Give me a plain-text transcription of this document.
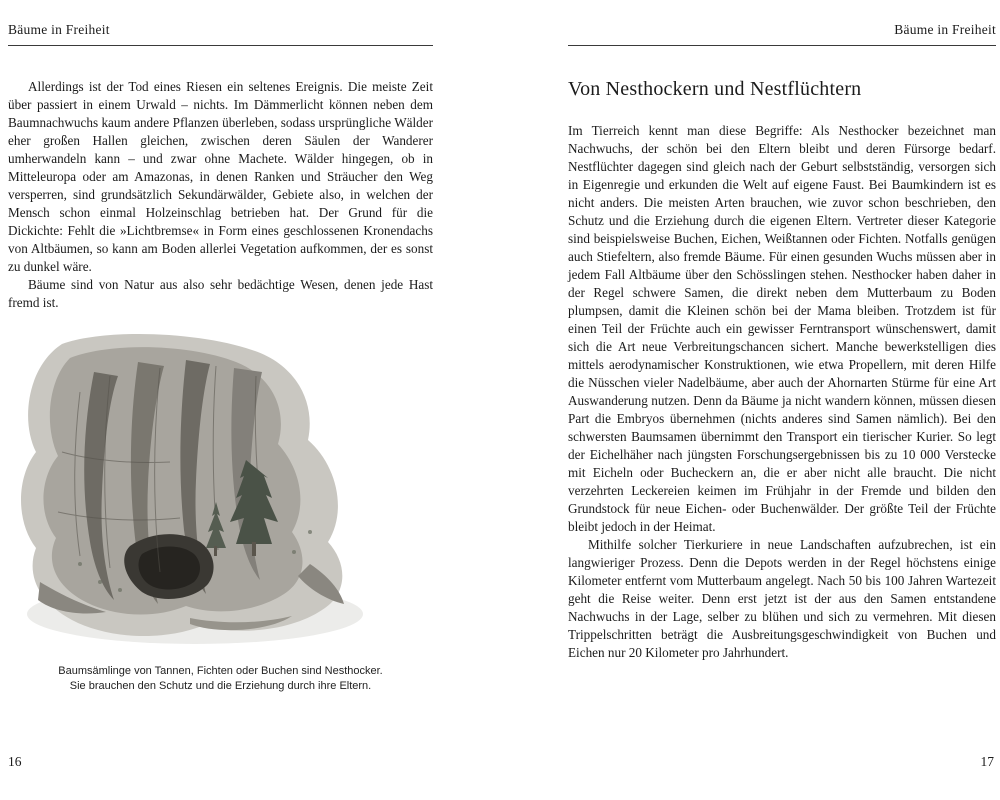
Bäume in Freiheit

Allerdings ist der Tod eines Riesen ein seltenes Ereignis. Die meiste Zeit über passiert in einem Urwald – nichts. Im Dämmerlicht können neben dem Baumnachwuchs kaum andere Pflanzen überleben, sodass ursprüngliche Wälder eher großen Hallen gleichen, zwischen deren Säulen der Wanderer umherwandeln kann – und zwar ohne Machete. Wälder hingegen, ob in Mitteleuropa oder am Amazonas, in denen Ranken und Sträucher den Weg versperren, sind grundsätzlich Sekundärwälder, Gebiete also, in welchen der Mensch schon einmal Holzeinschlag betrieben hat. Der Grund für die Dickichte: Fehlt die »Lichtbremse« in Form eines geschlossenen Kronendachs von Altbäumen, so kann am Boden allerlei Vegetation aufkommen, der es sonst zu dunkel wäre.

Bäume sind von Natur aus also sehr bedächtige Wesen, denen jede Hast fremd ist.

Baumsämlinge von Tannen, Fichten oder Buchen sind Nesthocker.
Sie brauchen den Schutz und die Erziehung durch ihre Eltern.
16
Bäume in Freiheit
Von Nesthockern und Nestflüchtern

Im Tierreich kennt man diese Begriffe: Als Nesthocker bezeichnet man Nachwuchs, der schön bei den Eltern bleibt und deren Fürsorge bedarf. Nestflüchter dagegen sind gleich nach der Geburt selbstständig, versorgen sich in Eigenregie und erkunden die Welt auf eigene Faust. Bei Baumkindern ist es nicht anders. Die meisten Arten brauchen, wie zuvor schon beschrieben, den Schutz und die Erziehung durch die eigenen Eltern. Vertreter dieser Kategorie sind beispielsweise Buchen, Eichen, Weißtannen oder Fichten. Notfalls genügen auch Stiefeltern, also fremde Bäume. Für einen gesunden Wuchs müssen aber in jedem Fall Altbäume über den Schösslingen stehen. Nesthocker haben daher in der Regel schwere Samen, die direkt neben dem Mutterbaum zu Boden plumpsen, damit die Kleinen schön bei der Mama bleiben. Trotzdem ist für einen Teil der Früchte auch ein gewisser Ferntransport wünschenswert, damit sich die Art neue Verbreitungschancen sichert. Manche bewerkstelligen dies mittels aerodynamischer Konstruktionen, wie etwa Propellern, mit deren Hilfe die Nüsschen vieler Nadelbäume, aber auch der Ahornarten Stürme für eine Art Auswanderung nutzen. Denn da Bäume ja nicht wandern können, müssen diesen Part die Embryos übernehmen (nichts anderes sind Samen nämlich). Bei den schwersten Baumsamen übernimmt den Transport ein tierischer Kurier. So legt der Eichelhäher nach jüngsten Forschungsergebnissen bis zu 10 000 Verstecke mit Eicheln oder Bucheckern an, die er aber nicht alle braucht. Die nicht verzehrten Leckereien keimen im Frühjahr in der Fremde und bilden den Grundstock für neue Eichen- oder Buchenwälder. Der größte Teil der Früchte bleibt jedoch in der Heimat.

Mithilfe solcher Tierkuriere in neue Landschaften aufzubrechen, ist ein langwieriger Prozess. Denn die Depots werden in der Regel höchstens einige Kilometer entfernt vom Mutterbaum angelegt. Nach 50 bis 100 Jahren Wartezeit geht die Reise weiter. Denn erst jetzt ist der aus den Samen entstandene Nachwuchs in der Lage, selber zu blühen und sich zu vermehren. Mit diesen Trippelschritten beträgt die Ausbreitungsgeschwindigkeit von Buchen und Eichen nur 20 Kilometer pro Jahrhundert.

17
